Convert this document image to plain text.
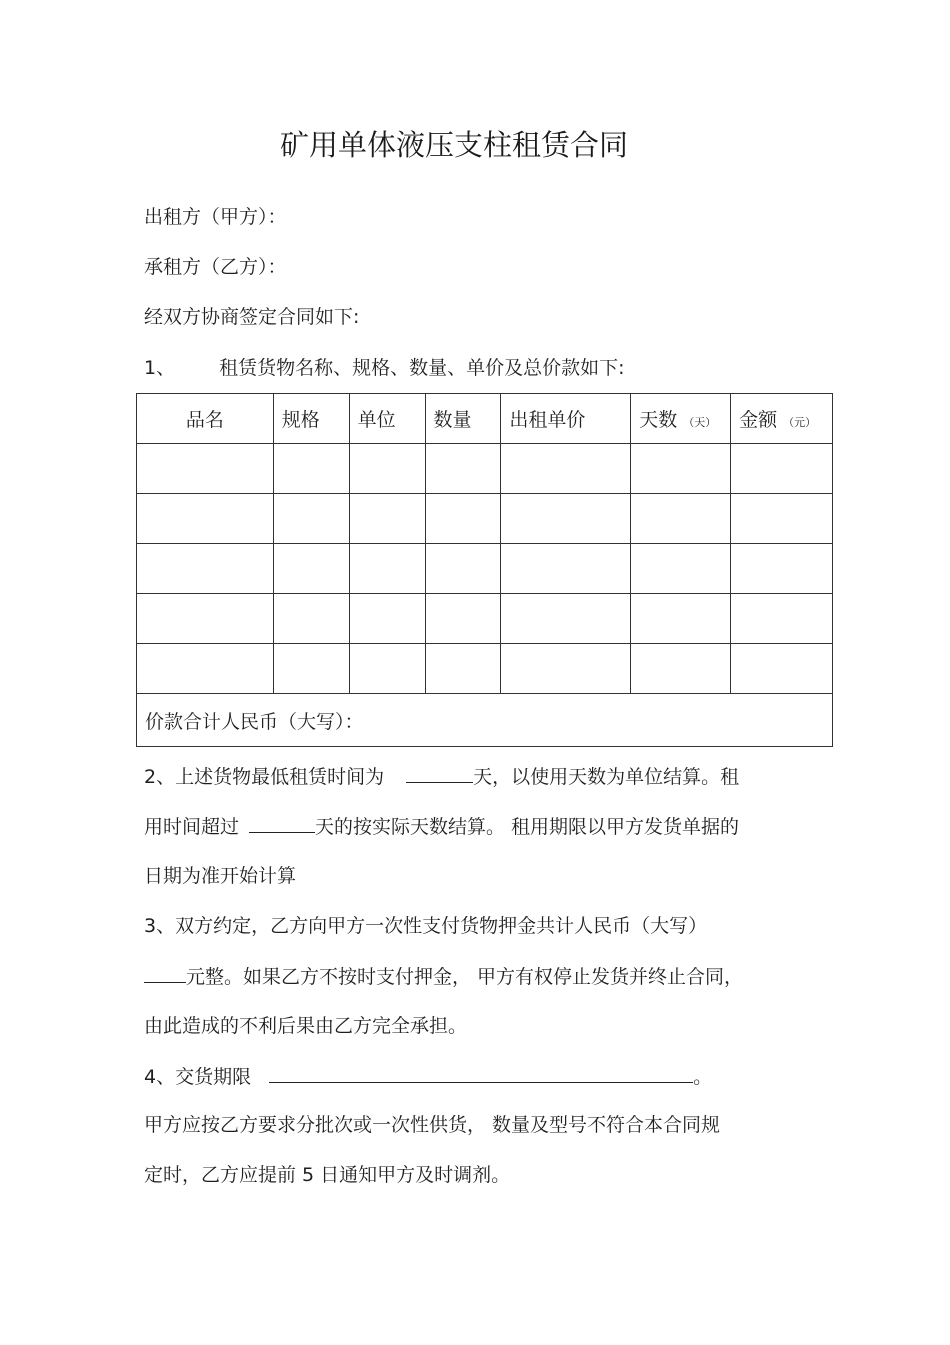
矿用单体液压支柱租赁合同
出租方（甲方）：
承租方（乙方）：
经双方协商签定合同如下:
1、 租赁货物名称、规格、数量、单价及总价款如下:
品名	规格	单位	数量	出租单价	天数 （天）	金额 （元）

价款合计人民币（大写）：						
2、上述货物最低租赁时间为	天，以使用天数为单位结算。租
用时间超过	天的按实际天数结算。 租用期限以甲方发货单据的
日期为准开始计算
3、双方约定，乙方向甲方一次性支付货物押金共计人民币（大写）
元整。如果乙方不按时支付押金， 甲方有权停止发货并终止合同，
由此造成的不利后果由乙方完全承担。
4、交货期限	。
甲方应按乙方要求分批次或一次性供货， 数量及型号不符合本合同规
定时，乙方应提前 5 日通知甲方及时调剂。
